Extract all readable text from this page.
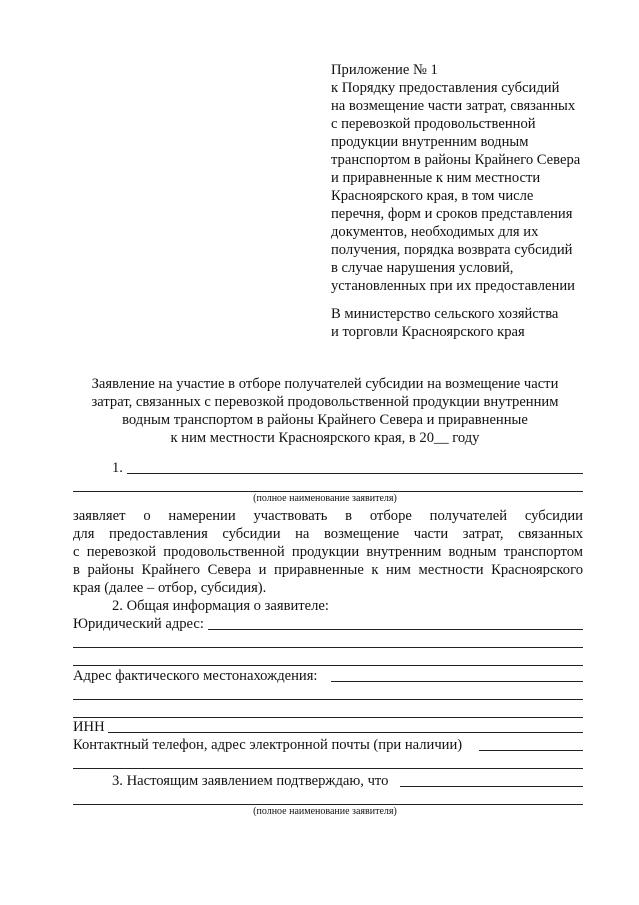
Приложение № 1
к Порядку предоставления субсидий
на возмещение части затрат, связанных
с перевозкой продовольственной
продукции внутренним водным
транспортом в районы Крайнего Севера
и приравненные к ним местности
Красноярского края, в том числе
перечня, форм и сроков представления
документов, необходимых для их
получения, порядка возврата субсидий
в случае нарушения условий,
установленных при их предоставлении
В министерство сельского хозяйства
и торговли Красноярского края
Заявление на участие в отборе получателей субсидии на возмещение части
затрат, связанных с перевозкой продовольственной продукции внутренним
водным транспортом в районы Крайнего Севера и приравненные
к ним местности Красноярского края, в 20__ году
1.
(полное наименование заявителя)
заявляет о намерении участвовать в отборе получателей субсидии
для предоставления субсидии на возмещение части затрат, связанных
с перевозкой продовольственной продукции внутренним водным транспортом
в районы Крайнего Севера и приравненные к ним местности Красноярского
края (далее – отбор, субсидия).
2. Общая информация о заявителе:
Юридический адрес:
Адрес фактического местонахождения:
ИНН
Контактный телефон, адрес электронной почты (при наличии)
3. Настоящим заявлением подтверждаю, что
(полное наименование заявителя)
